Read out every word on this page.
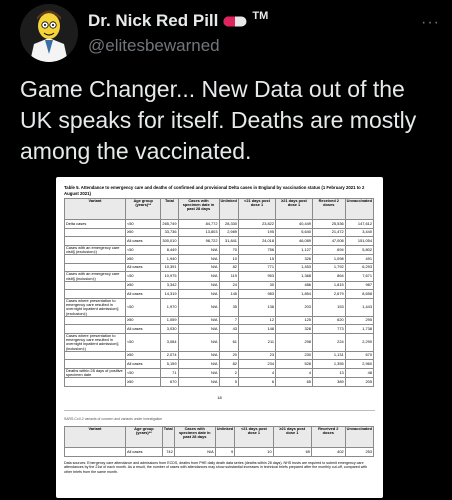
Dr. Nick Red Pill	TM
@elitesbewarned
···

Game Changer... New Data out of the UK speaks for itself. Deaths are mostly among the vaccinated.

Table 5. Attendance to emergency care and deaths of confirmed and provisional Delta cases in England by vaccination status (1 February 2021 to 2 August 2021)
Variant	Age group (years)**	Total	Cases with specimen date in past 28 days	Unlinked	<21 days post dose 1	≥21 days post dose 1	Received 2 doses	Unvaccinated
Delta cases	<50	265,749	84,772	28,330	23,822	40,449	25,536	147,612
	≥50	33,736	13,803	2,989	195	5,640	21,472	3,440
	All cases	300,010	98,722	31,841	24,018	46,089	47,008	151,054
Cases with an emergency care visit§ (exclusion‡)	<50	8,449	N/A	70	756	1,127	694	5,802
	≥50	1,940	N/A	10	15	326	1,098	491
	All cases	10,391	N/A	82	771	1,453	1,792	6,293
Cases with an emergency care visit§ (inclusion‡)	<50	10,975	N/A	119	953	1,368	864	7,671
	≥50	3,342	N/A	24	30	486	1,815	987
	All cases	14,319	N/A	145	983	1,854	2,679	8,658
Cases where presentation to emergency care resulted in overnight inpatient admission§ (exclusion‡)	<50	1,970	N/A	35	136	203	153	1,443
	≥50	1,059	N/A	7	12	125	620	295
	All cases	3,030	N/A	43	148	328	773	1,738
Cases where presentation to emergency care resulted in overnight inpatient admission§ (inclusion‡)	<50	3,084	N/A	61	211	298	224	2,290
	≥50	2,074	N/A	20	23	230	1,131	670
	All cases	5,159	N/A	82	234	528	1,355	2,960
Deaths within 28 days of positive specimen date	<50	71	N/A	2	4	4	13	48
	≥50	670	N/A	5	6	65	389	205
18
SARS-CoV-2 variants of concern and variants under investigation
Variant	Age group (years)**	Total	Cases with specimen date in past 28 days	Unlinked	<21 days post dose 1	≥21 days post dose 1	Received 2 doses	Unvaccinated
	All cases	742	N/A	9	10	69	402	253
Data sources: Emergency care attendance and admissions from ECDS, deaths from PHE daily death data series (deaths within 28 days). NHS trusts are required to submit emergency care attendances by the 21st of each month. As a result, the number of cases with attendances may show substantial increases in technical briefs prepared after the monthly cut-off, compared with other briefs from the same month.
